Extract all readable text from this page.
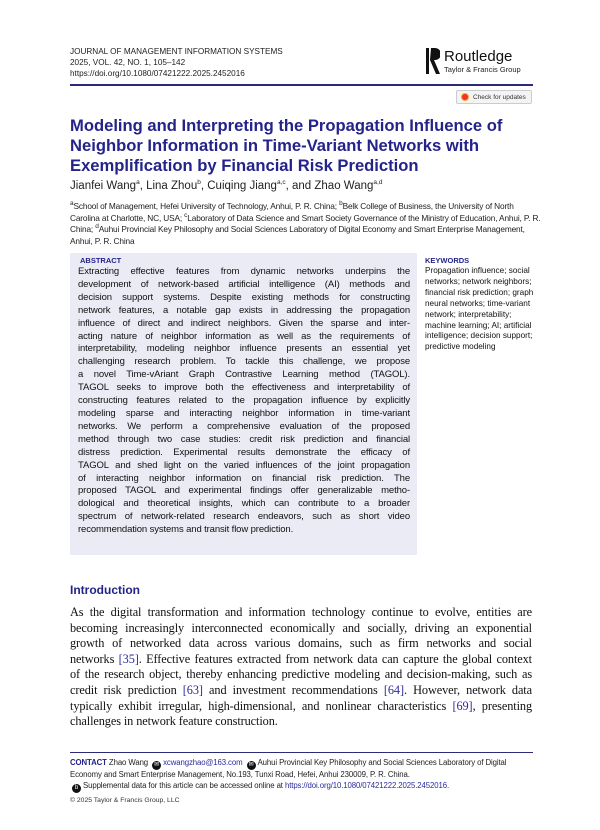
JOURNAL OF MANAGEMENT INFORMATION SYSTEMS
2025, VOL. 42, NO. 1, 105–142
https://doi.org/10.1080/07421222.2025.2452016
Routledge
Taylor & Francis Group
Check for updates
Modeling and Interpreting the Propagation Influence of Neighbor Information in Time-Variant Networks with Exemplification by Financial Risk Prediction
Jianfei Wang$^a$, Lina Zhou$^b$, Cuiqing Jiang$^{a,c}$, and Zhao Wang$^{a,d}$
$^a$School of Management, Hefei University of Technology, Anhui, P. R. China; $^b$Belk College of Business, the University of North Carolina at Charlotte, NC, USA; $^c$Laboratory of Data Science and Smart Society Governance of the Ministry of Education, Anhui, P. R. China; $^d$Auhui Provincial Key Philosophy and Social Sciences Laboratory of Digital Economy and Smart Enterprise Management, Anhui, P. R. China
ABSTRACT
Extracting effective features from dynamic networks underpins the
development of network-based artificial intelligence (AI) methods and
decision support systems. Despite existing methods for constructing
network features, a notable gap exists in addressing the propagation
influence of direct and indirect neighbors. Given the sparse and inter-
acting nature of neighbor information as well as the requirements of
interpretability, modeling neighbor influence presents an essential yet
challenging research problem. To tackle this challenge, we propose
a novel Time-vAriant Graph Contrastive Learning method (TAGOL).
TAGOL seeks to improve both the effectiveness and interpretability of
constructing features related to the propagation influence by explicitly
modeling sparse and interacting neighbor information in time-variant
networks. We perform a comprehensive evaluation of the proposed
method through two case studies: credit risk prediction and financial
distress prediction. Experimental results demonstrate the efficacy of
TAGOL and shed light on the varied influences of the joint propagation
of interacting neighbor information on financial risk prediction. The
proposed TAGOL and experimental findings offer generalizable metho-
dological and theoretical insights, which can contribute to a broader
spectrum of network-related research endeavors, such as short video
recommendation systems and transit flow prediction.
KEYWORDS
Propagation influence; social networks; network neighbors; financial risk prediction; graph neural networks; time-variant network; interpretability; machine learning; AI; artificial intelligence; decision support; predictive modeling
Introduction
As the digital transformation and information technology continue to evolve, entities are
becoming increasingly interconnected economically and socially, driving an exponential
growth of networked data across various domains, such as firm networks and social
networks [35]. Effective features extracted from network data can capture the global context
of the research object, thereby enhancing predictive modeling and decision-making, such as
credit risk prediction [63] and investment recommendations [64]. However, network data
typically exhibit irregular, high-dimensional, and nonlinear characteristics [69], presenting
challenges in network feature construction.
CONTACT Zhao Wang ✉ xcwangzhao@163.com ✉ Auhui Provincial Key Philosophy and Social Sciences Laboratory of Digital Economy and Smart Enterprise Management, No.193, Tunxi Road, Hefei, Anhui 230009, P. R. China.
b Supplemental data for this article can be accessed online at https://doi.org/10.1080/07421222.2025.2452016.
© 2025 Taylor & Francis Group, LLC
